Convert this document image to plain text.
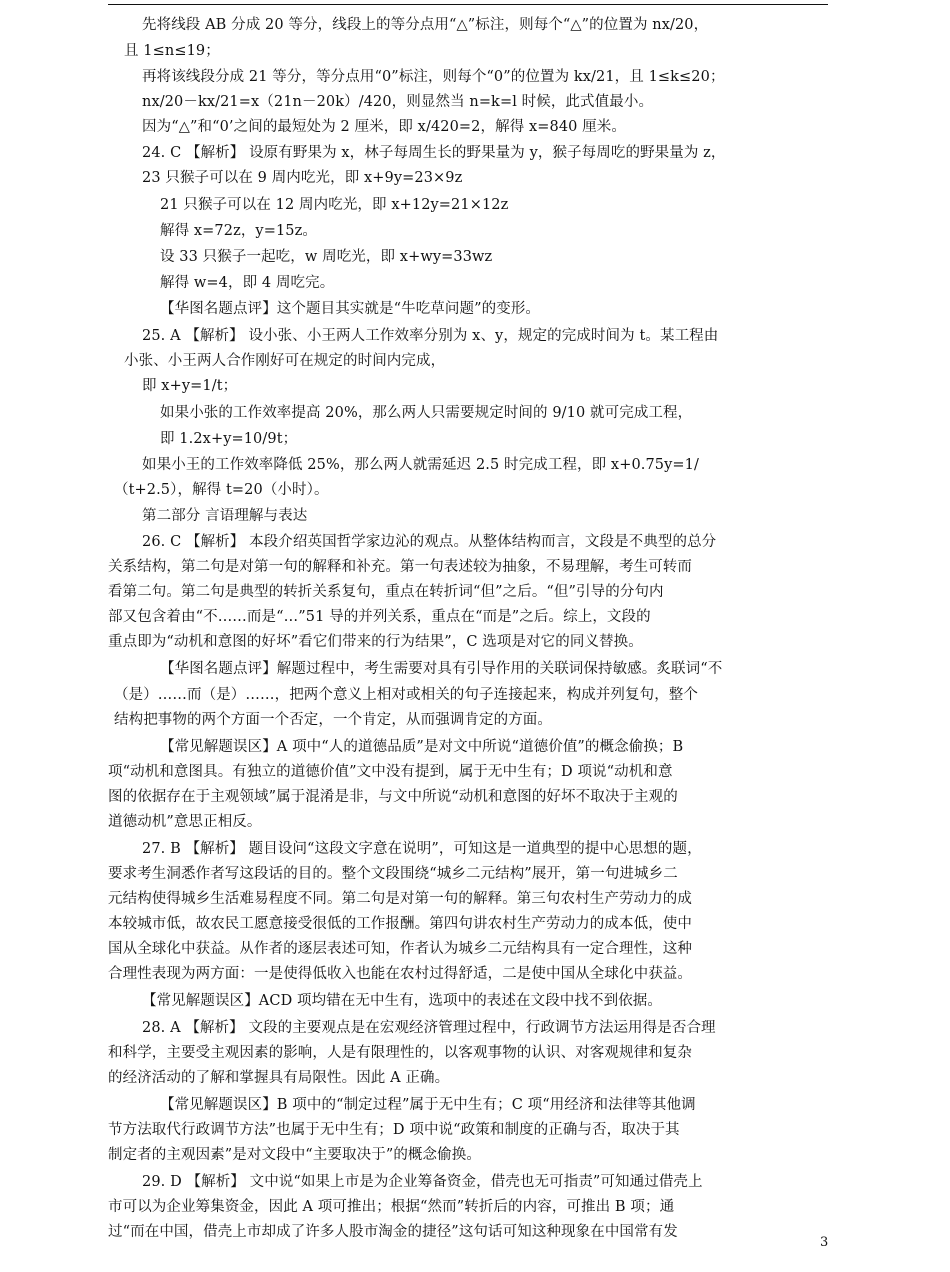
先将线段 AB 分成 20 等分，线段上的等分点用“△”标注，则每个“△”的位置为 nx/20，
且 1≤n≤19；
再将该线段分成 21 等分，等分点用“0”标注，则每个“0”的位置为 kx/21，且 1≤k≤20；
nx/20－kx/21=x（21n－20k）/420，则显然当 n=k=l 时候，此式值最小。
因为“△”和“0’之间的最短处为 2 厘米，即 x/420=2，解得 x=840 厘米。
24. C 【解析】 设原有野果为 x，林子每周生长的野果量为 y，猴子每周吃的野果量为 z，
23 只猴子可以在 9 周内吃光，即 x+9y=23×9z
21 只猴子可以在 12 周内吃光，即 x+12y=21×12z
解得 x=72z，y=15z。
设 33 只猴子一起吃，w 周吃光，即 x+wy=33wz
解得 w=4，即 4 周吃完。
【华图名题点评】这个题目其实就是“牛吃草问题”的变形。
25. A 【解析】 设小张、小王两人工作效率分别为 x、y，规定的完成时间为 t。某工程由
小张、小王两人合作刚好可在规定的时间内完成，
即 x+y=1/t；
如果小张的工作效率提高 20%，那么两人只需要规定时间的 9/10 就可完成工程，
即 1.2x+y=10/9t；
如果小王的工作效率降低 25%，那么两人就需延迟 2.5 时完成工程，即 x+0.75y=1/
（t+2.5），解得 t=20（小时）。
第二部分 言语理解与表达
26. C 【解析】 本段介绍英国哲学家边沁的观点。从整体结构而言，文段是不典型的总分
关系结构，第二句是对第一句的解释和补充。第一句表述较为抽象，不易理解，考生可转而
看第二句。第二句是典型的转折关系复句，重点在转折词“但”之后。“但”引导的分句内
部又包含着由“不……而是“…”51 导的并列关系，重点在“而是”之后。综上，文段的
重点即为“动机和意图的好坏”看它们带来的行为结果”，C 选项是对它的同义替换。
【华图名题点评】解题过程中，考生需要对具有引导作用的关联词保持敏感。炙联词“不
（是）……而（是）……，把两个意义上相对或相关的句子连接起来，构成并列复句，整个
结构把事物的两个方面一个否定，一个肯定，从而强调肯定的方面。
【常见解题误区】A 项中“人的道德品质”是对文中所说“道德价值”的概念偷换；B
项“动机和意图具。有独立的道德价值”文中没有提到，属于无中生有；D 项说“动机和意
图的依据存在于主观领域”属于混淆是非，与文中所说“动机和意图的好坏不取决于主观的
道德动机”意思正相反。
27. B 【解析】 题目设问“这段文字意在说明”，可知这是一道典型的提中心思想的题，
要求考生洞悉作者写这段话的目的。整个文段围绕“城乡二元结构”展开，第一句进城乡二
元结构使得城乡生活难易程度不同。第二句是对第一句的解释。第三句农村生产劳动力的成
本较城市低，故农民工愿意接受很低的工作报酬。第四句讲农村生产劳动力的成本低，使中
国从全球化中获益。从作者的逐层表述可知，作者认为城乡二元结构具有一定合理性，这种
合理性表现为两方面：一是使得低收入也能在农村过得舒适，二是使中国从全球化中获益。
【常见解题误区】ACD 项均错在无中生有，选项中的表述在文段中找不到依据。
28. A 【解析】 文段的主要观点是在宏观经济管理过程中，行政调节方法运用得是否合理
和科学，主要受主观因素的影响，人是有限理性的，以客观事物的认识、对客观规律和复杂
的经济活动的了解和掌握具有局限性。因此 A 正确。
【常见解题误区】B 项中的“制定过程”属于无中生有；C 项“用经济和法律等其他调
节方法取代行政调节方法”也属于无中生有；D 项中说“政策和制度的正确与否，取决于其
制定者的主观因素”是对文段中“主要取决于”的概念偷换。
29. D 【解析】 文中说“如果上市是为企业筹备资金，借壳也无可指责”可知通过借壳上
市可以为企业筹集资金，因此 A 项可推出；根据“然而”转折后的内容，可推出 B 项；通
过“而在中国，借壳上市却成了许多人股市淘金的捷径”这句话可知这种现象在中国常有发
3
